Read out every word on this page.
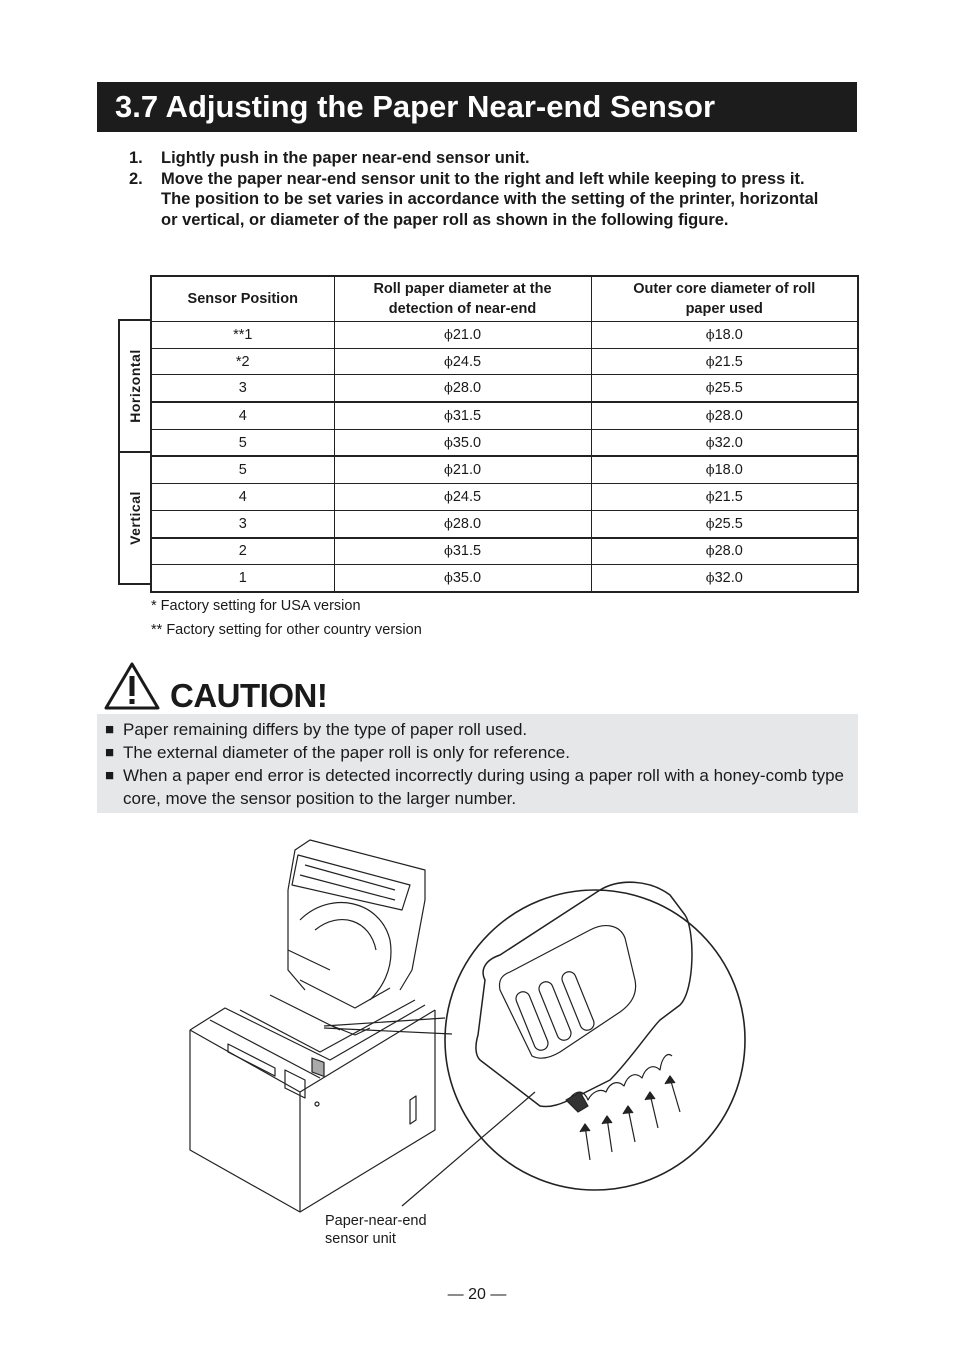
3.7 Adjusting the Paper Near-end Sensor
1.	Lightly push in the paper near-end sensor unit.
2.	Move the paper near-end sensor unit to the right and left while keeping to press it. The position to be set varies in accordance with the setting of the printer, horizontal or vertical, or diameter of the paper roll as shown in the following figure.
Horizontal
Vertical
Sensor Position	Roll paper diameter at the detection of near-end	Outer core diameter of roll paper used

**1	ϕ21.0	ϕ18.0
*2	ϕ24.5	ϕ21.5
3	ϕ28.0	ϕ25.5
4	ϕ31.5	ϕ28.0
5	ϕ35.0	ϕ32.0
5	ϕ21.0	ϕ18.0
4	ϕ24.5	ϕ21.5
3	ϕ28.0	ϕ25.5
2	ϕ31.5	ϕ28.0
1	ϕ35.0	ϕ32.0
* Factory setting for USA version
** Factory setting for other country version
CAUTION!
■ Paper remaining differs by the type of paper roll used.
■ The external diameter of the paper roll is only for reference.
■ When a paper end error is detected incorrectly during using a paper roll with a honey-comb type core, move the sensor position to the larger number.
Paper-near-end
sensor unit
— 20 —
